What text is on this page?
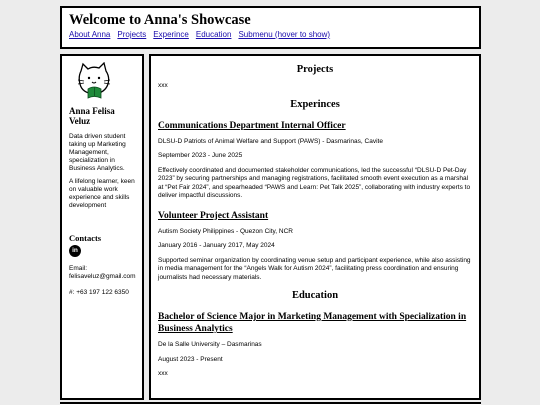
Welcome to Anna's Showcase
About Anna Projects Experince Education Submenu (hover to show)
Anna Felisa Veluz

Data driven student taking up Marketing Management, specialization in Business Analytics.

A lifelong learner, keen on valuable work experience and skills development

Contacts
in
Email:
felisaveluz@gmail.com
#: +63 197 122 6350
Projects
xxx
Experinces
Communications Department Internal Officer
DLSU-D Patriots of Animal Welfare and Support (PAWS) - Dasmarinas, Cavite
September 2023 - June 2025
Effectively coordinated and documented stakeholder communications, led the successful “DLSU-D Pet-Day 2023” by securing partnerships and managing registrations, facilitated smooth event execution as a marshal at “Pet Fair 2024”, and spearheaded “PAWS and Learn: Pet Talk 2025”, collaborating with industry experts to deliver impactful discussions.
Volunteer Project Assistant
Autism Society Philippines - Quezon City, NCR
January 2016 - January 2017, May 2024
Supported seminar organization by coordinating venue setup and participant experience, while also assisting in media management for the “Angels Walk for Autism 2024”, facilitating press coordination and ensuring journalists had necessary materials.
Education
Bachelor of Science Major in Marketing Management with Specialization in Business Analytics
De la Salle University – Dasmarinas
August 2023 - Present
xxx
